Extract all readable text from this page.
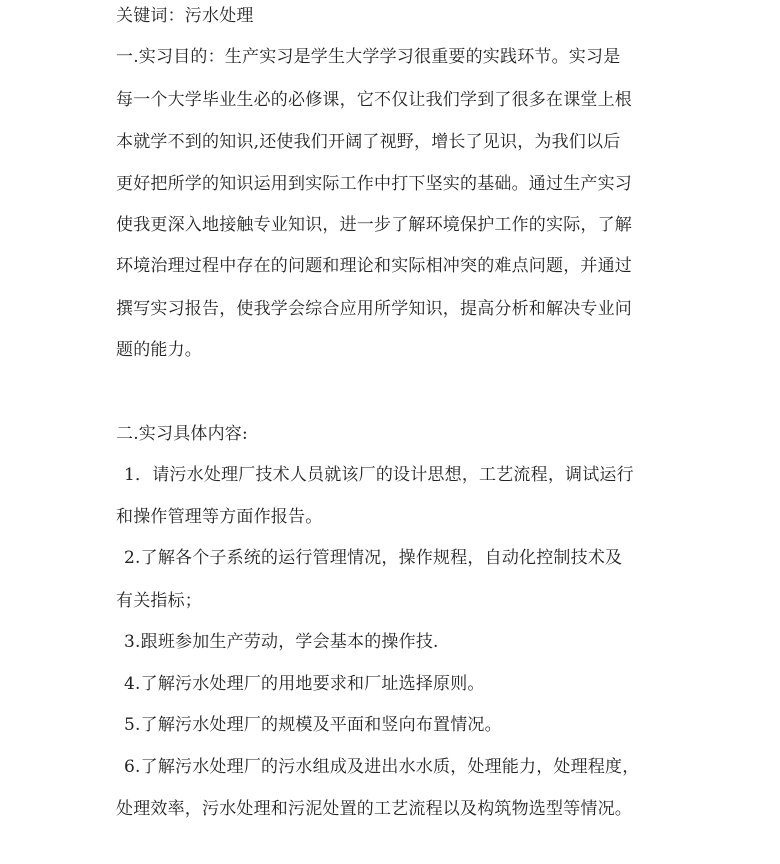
关键词：污水处理
一.实习目的：生产实习是学生大学学习很重要的实践环节。实习是
每一个大学毕业生必的必修课，它不仅让我们学到了很多在课堂上根
本就学不到的知识,还使我们开阔了视野，增长了见识，为我们以后
更好把所学的知识运用到实际工作中打下坚实的基础。通过生产实习
使我更深入地接触专业知识，进一步了解环境保护工作的实际，了解
环境治理过程中存在的问题和理论和实际相冲突的难点问题，并通过
撰写实习报告，使我学会综合应用所学知识，提高分析和解决专业问
题的能力。
二.实习具体内容:
1．请污水处理厂技术人员就该厂的设计思想，工艺流程，调试运行
和操作管理等方面作报告。
2.了解各个子系统的运行管理情况，操作规程，自动化控制技术及
有关指标；
3.跟班参加生产劳动，学会基本的操作技.
4.了解污水处理厂的用地要求和厂址选择原则。
5.了解污水处理厂的规模及平面和竖向布置情况。
6.了解污水处理厂的污水组成及进出水水质，处理能力，处理程度，
处理效率，污水处理和污泥处置的工艺流程以及构筑物选型等情况。
